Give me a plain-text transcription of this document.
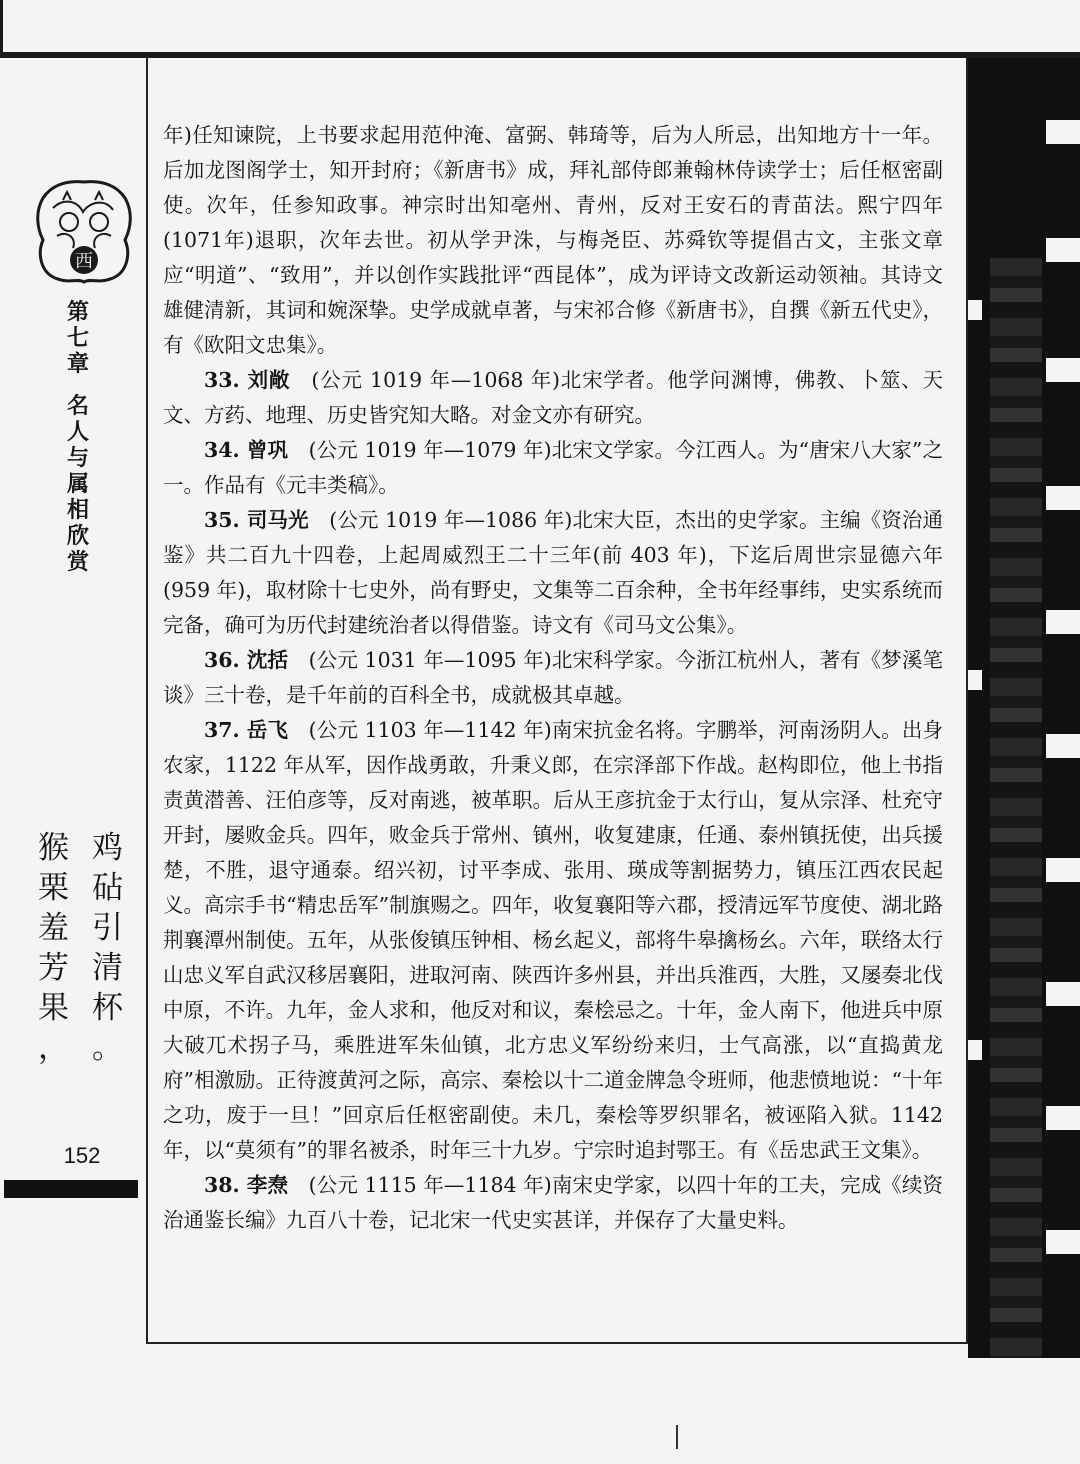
西
第
七
章
名
人
与
属
相
欣
赏
鸡
砧
引
清
杯
。
猴
栗
羞
芳
果
，
152

年)任知谏院，上书要求起用范仲淹、富弼、韩琦等，后为人所忌，出知地方十一年。后加龙图阁学士，知开封府；《新唐书》成，拜礼部侍郎兼翰林侍读学士；后任枢密副使。次年，任参知政事。神宗时出知亳州、青州，反对王安石的青苗法。熙宁四年(1071年)退职，次年去世。初从学尹洙，与梅尧臣、苏舜钦等提倡古文，主张文章应“明道”、“致用”，并以创作实践批评“西昆体”，成为评诗文改新运动领袖。其诗文雄健清新，其词和婉深挚。史学成就卓著，与宋祁合修《新唐书》，自撰《新五代史》，有《欧阳文忠集》。

33. 刘敞　(公元 1019 年—1068 年)北宋学者。他学问渊博，佛教、卜筮、天文、方药、地理、历史皆究知大略。对金文亦有研究。

34. 曾巩　(公元 1019 年—1079 年)北宋文学家。今江西人。为“唐宋八大家”之一。作品有《元丰类稿》。

35. 司马光　(公元 1019 年—1086 年)北宋大臣，杰出的史学家。主编《资治通鉴》共二百九十四卷，上起周威烈王二十三年(前 403 年)，下迄后周世宗显德六年(959 年)，取材除十七史外，尚有野史，文集等二百余种，全书年经事纬，史实系统而完备，确可为历代封建统治者以得借鉴。诗文有《司马文公集》。

36. 沈括　(公元 1031 年—1095 年)北宋科学家。今浙江杭州人，著有《梦溪笔谈》三十卷，是千年前的百科全书，成就极其卓越。

37. 岳飞　(公元 1103 年—1142 年)南宋抗金名将。字鹏举，河南汤阴人。出身农家，1122 年从军，因作战勇敢，升秉义郎，在宗泽部下作战。赵构即位，他上书指责黄潜善、汪伯彦等，反对南逃，被革职。后从王彦抗金于太行山，复从宗泽、杜充守开封，屡败金兵。四年，败金兵于常州、镇州，收复建康，任通、泰州镇抚使，出兵援楚，不胜，退守通泰。绍兴初，讨平李成、张用、瑛成等割据势力，镇压江西农民起义。高宗手书“精忠岳军”制旗赐之。四年，收复襄阳等六郡，授清远军节度使、湖北路荆襄潭州制使。五年，从张俊镇压钟相、杨幺起义，部将牛皋擒杨幺。六年，联络太行山忠义军自武汉移居襄阳，进取河南、陕西许多州县，并出兵淮西，大胜，又屡奏北伐中原，不许。九年，金人求和，他反对和议，秦桧忌之。十年，金人南下，他进兵中原大破兀术拐子马，乘胜进军朱仙镇，北方忠义军纷纷来归，士气高涨，以“直捣黄龙府”相激励。正待渡黄河之际，高宗、秦桧以十二道金牌急令班师，他悲愤地说：“十年之功，废于一旦！”回京后任枢密副使。未几，秦桧等罗织罪名，被诬陷入狱。1142 年，以“莫须有”的罪名被杀，时年三十九岁。宁宗时追封鄂王。有《岳忠武王文集》。

38. 李焘　(公元 1115 年—1184 年)南宋史学家，以四十年的工夫，完成《续资治通鉴长编》九百八十卷，记北宋一代史实甚详，并保存了大量史料。
